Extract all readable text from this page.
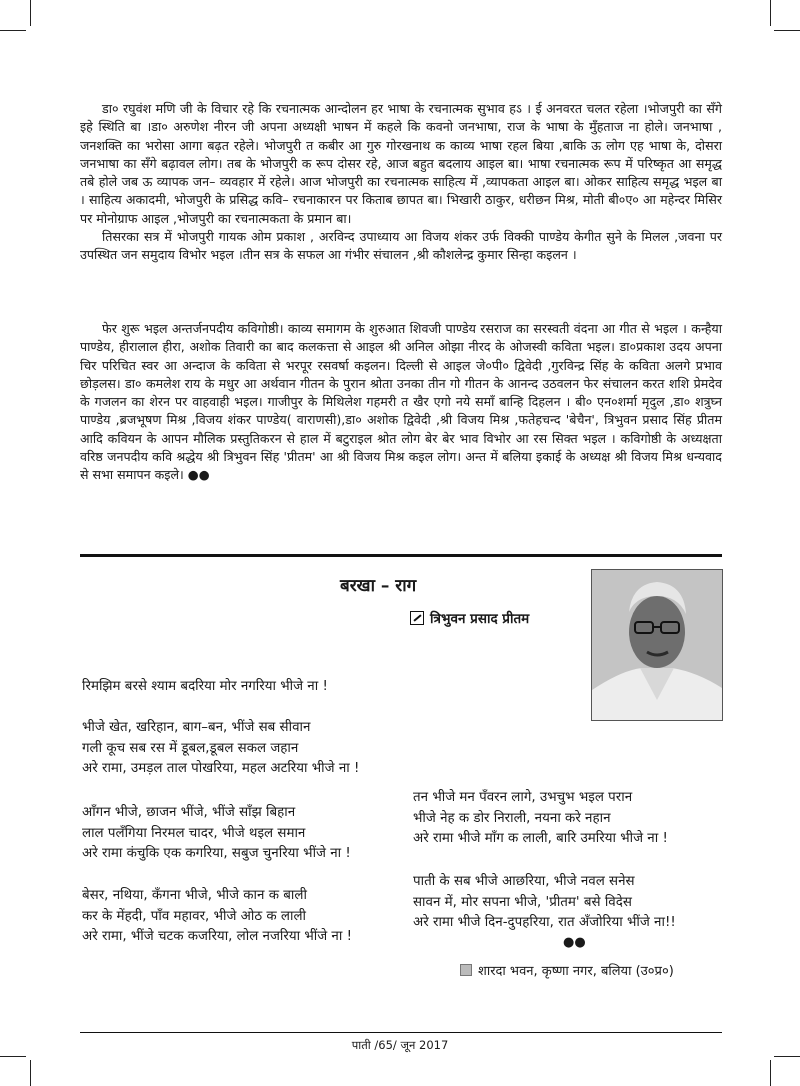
डा० रघुवंश मणि जी के विचार रहे कि रचनात्मक आन्दोलन हर भाषा के रचनात्मक सुभाव हऽ । ई अनवरत चलत रहेला ।भोजपुरी का सँगे इहे स्थिति बा ।डा० अरुणेश नीरन जी अपना अध्यक्षी भाषन में कहले कि कवनो जनभाषा, राज के भाषा के मुँहताज ना होले। जनभाषा , जनशक्ति का भरोसा आगा बढ़त रहेले। भोजपुरी त कबीर आ गुरु गोरखनाथ क काव्य भाषा रहल बिया ,बाकि ऊ लोग एह भाषा के, दोसरा जनभाषा का सँगे बढ़ावल लोग। तब के भोजपुरी क रूप दोसर रहे, आज बहुत बदलाय आइल बा। भाषा रचनात्मक रूप में परिष्कृत आ समृद्ध तबे होले जब ऊ व्यापक जन– व्यवहार में रहेले। आज भोजपुरी का रचनात्मक साहित्य में ,व्यापकता आइल बा। ओकर साहित्य समृद्ध भइल बा । साहित्य अकादमी, भोजपुरी के प्रसिद्ध कवि– रचनाकारन पर किताब छापत बा। भिखारी ठाकुर, धरीछन मिश्र, मोती बी०ए० आ महेन्दर मिसिर पर मोनोग्राफ आइल ,भोजपुरी का रचनात्मकता के प्रमान बा।

तिसरका सत्र में भोजपुरी गायक ओम प्रकाश , अरविन्द उपाध्याय आ विजय शंकर उर्फ विक्की पाण्डेय केगीत सुने के मिलल ,जवना पर उपस्थित जन समुदाय विभोर भइल ।तीन सत्र के सफल आ गंभीर संचालन ,श्री कौशलेन्द्र कुमार सिन्हा कइलन ।

फेर शुरू भइल अन्तर्जनपदीय कविगोष्ठी। काव्य समागम के शुरुआत शिवजी पाण्डेय रसराज का सरस्वती वंदना आ गीत से भइल । कन्हैया पाण्डेय, हीरालाल हीरा, अशोक तिवारी का बाद कलकत्ता से आइल श्री अनिल ओझा नीरद के ओजस्वी कविता भइल। डा०प्रकाश उदय अपना चिर परिचित स्वर आ अन्दाज के कविता से भरपूर रसवर्षा कइलन। दिल्ली से आइल जे०पी० द्विवेदी ,गुरविन्द्र सिंह के कविता अलगे प्रभाव छोड़लस। डा० कमलेश राय के मधुर आ अर्थवान गीतन के पुरान श्रोता उनका तीन गो गीतन के आनन्द उठवलन फेर संचालन करत शशि प्रेमदेव के गजलन का शेरन पर वाहवाही भइल। गाजीपुर के मिथिलेश गहमरी त खैर एगो नये समाँ बान्हि दिहलन । बी० एन०शर्मा मृदुल ,डा० शत्रुघ्न पाण्डेय ,ब्रजभूषण मिश्र ,विजय शंकर पाण्डेय( वाराणसी),डा० अशोक द्विवेदी ,श्री विजय मिश्र ,फतेहचन्द 'बेचैन', त्रिभुवन प्रसाद सिंह प्रीतम आदि कवियन के आपन मौलिक प्रस्तुतिकरन से हाल में बटुराइल श्रोत लोग बेर बेर भाव विभोर आ रस सिक्त भइल । कविगोष्ठी के अध्यक्षता वरिष्ठ जनपदीय कवि श्रद्धेय श्री त्रिभुवन सिंह 'प्रीतम' आ श्री विजय मिश्र कइल लोग। अन्त में बलिया इकाई के अध्यक्ष श्री विजय मिश्र धन्यवाद से सभा समापन कइले। ●●

बरखा – राग
त्रिभुवन प्रसाद प्रीतम
रिमझिम बरसे श्याम बदरिया मोर नगरिया भीजे ना !
भीजे खेत, खरिहान, बाग–बन, भींजे सब सीवान
गली कूच सब रस में डूबल,डूबल सकल जहान
अरे रामा, उमड़ल ताल पोखरिया, महल अटरिया भीजे ना !
आँगन भीजे, छाजन भींजे, भींजे साँझ बिहान
लाल पलँगिया निरमल चादर, भीजे थइल समान
अरे रामा कंचुकि एक कगरिया, सबुज चुनरिया भींजे ना !
बेसर, नथिया, कँगना भीजे, भीजे कान क बाली
कर के मेंहदी, पाँव महावर, भीजे ओठ क लाली
अरे रामा, भींजे चटक कजरिया, लोल नजरिया भींजे ना !
तन भीजे मन पँवरन लागे, उभचुभ भइल परान
भीजे नेह क डोर निराली, नयना करे नहान
अरे रामा भीजे माँग क लाली, बारि उमरिया भीजे ना !
पाती के सब भीजे आछरिया, भीजे नवल सनेस
सावन में, मोर सपना भीजे, 'प्रीतम' बसे विदेस
अरे रामा भीजे दिन-दुपहरिया, रात अँजोरिया भींजे ना!!
●●
शारदा भवन, कृष्णा नगर, बलिया (उ०प्र०)
पाती /65/ जून 2017
